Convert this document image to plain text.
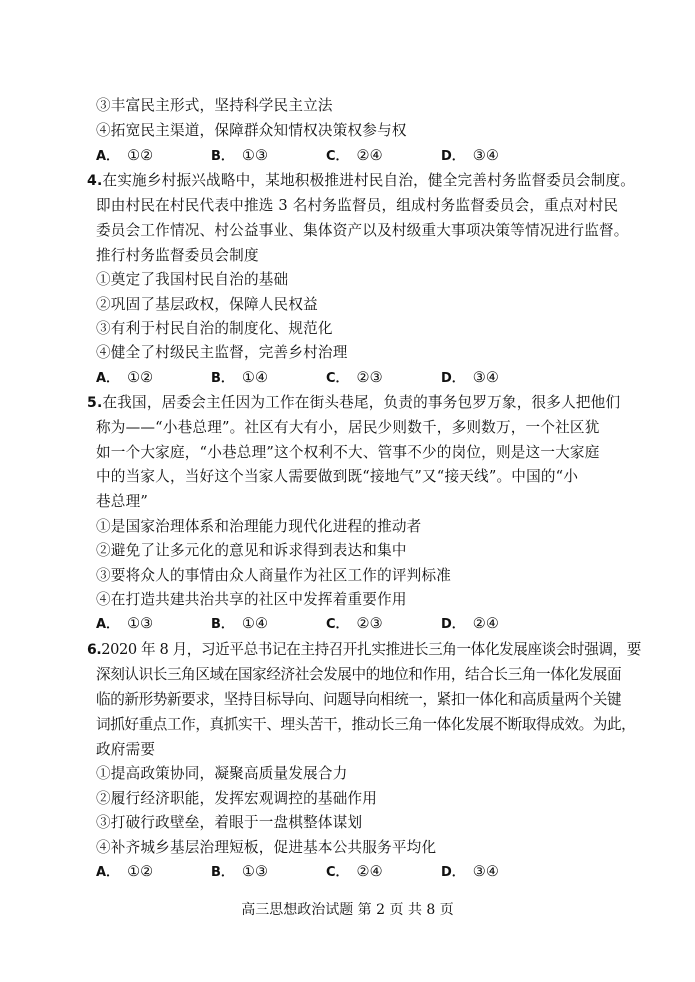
③丰富民主形式，坚持科学民主立法
④拓宽民主渠道，保障群众知情权决策权参与权
A． ①②	B． ①③	C． ②④	D． ③④
4.在实施乡村振兴战略中，某地积极推进村民自治，健全完善村务监督委员会制度。
即由村民在村民代表中推选 3 名村务监督员，组成村务监督委员会，重点对村民
委员会工作情况、村公益事业、集体资产以及村级重大事项决策等情况进行监督。
推行村务监督委员会制度
①奠定了我国村民自治的基础
②巩固了基层政权，保障人民权益
③有利于村民自治的制度化、规范化
④健全了村级民主监督，完善乡村治理
A． ①②	B． ①④	C． ②③	D． ③④
5.在我国，居委会主任因为工作在街头巷尾，负责的事务包罗万象，很多人把他们
称为——“小巷总理”。社区有大有小，居民少则数千，多则数万，一个社区犹
如一个大家庭，“小巷总理”这个权利不大、管事不少的岗位，则是这一大家庭
中的当家人，当好这个当家人需要做到既“接地气”又“接天线”。中国的“小
巷总理”
①是国家治理体系和治理能力现代化进程的推动者
②避免了让多元化的意见和诉求得到表达和集中
③要将众人的事情由众人商量作为社区工作的评判标准
④在打造共建共治共享的社区中发挥着重要作用
A． ①③	B． ①④	C． ②③	D． ②④
6.2020 年 8 月，习近平总书记在主持召开扎实推进长三角一体化发展座谈会时强调，要
深刻认识长三角区域在国家经济社会发展中的地位和作用，结合长三角一体化发展面
临的新形势新要求，坚持目标导向、问题导向相统一，紧扣一体化和高质量两个关键
词抓好重点工作，真抓实干、埋头苦干，推动长三角一体化发展不断取得成效。为此，
政府需要
①提高政策协同，凝聚高质量发展合力
②履行经济职能，发挥宏观调控的基础作用
③打破行政壁垒，着眼于一盘棋整体谋划
④补齐城乡基层治理短板，促进基本公共服务平均化
A． ①②	B． ①③	C． ②④	D． ③④
高三思想政治试题 第 2 页 共 8 页
